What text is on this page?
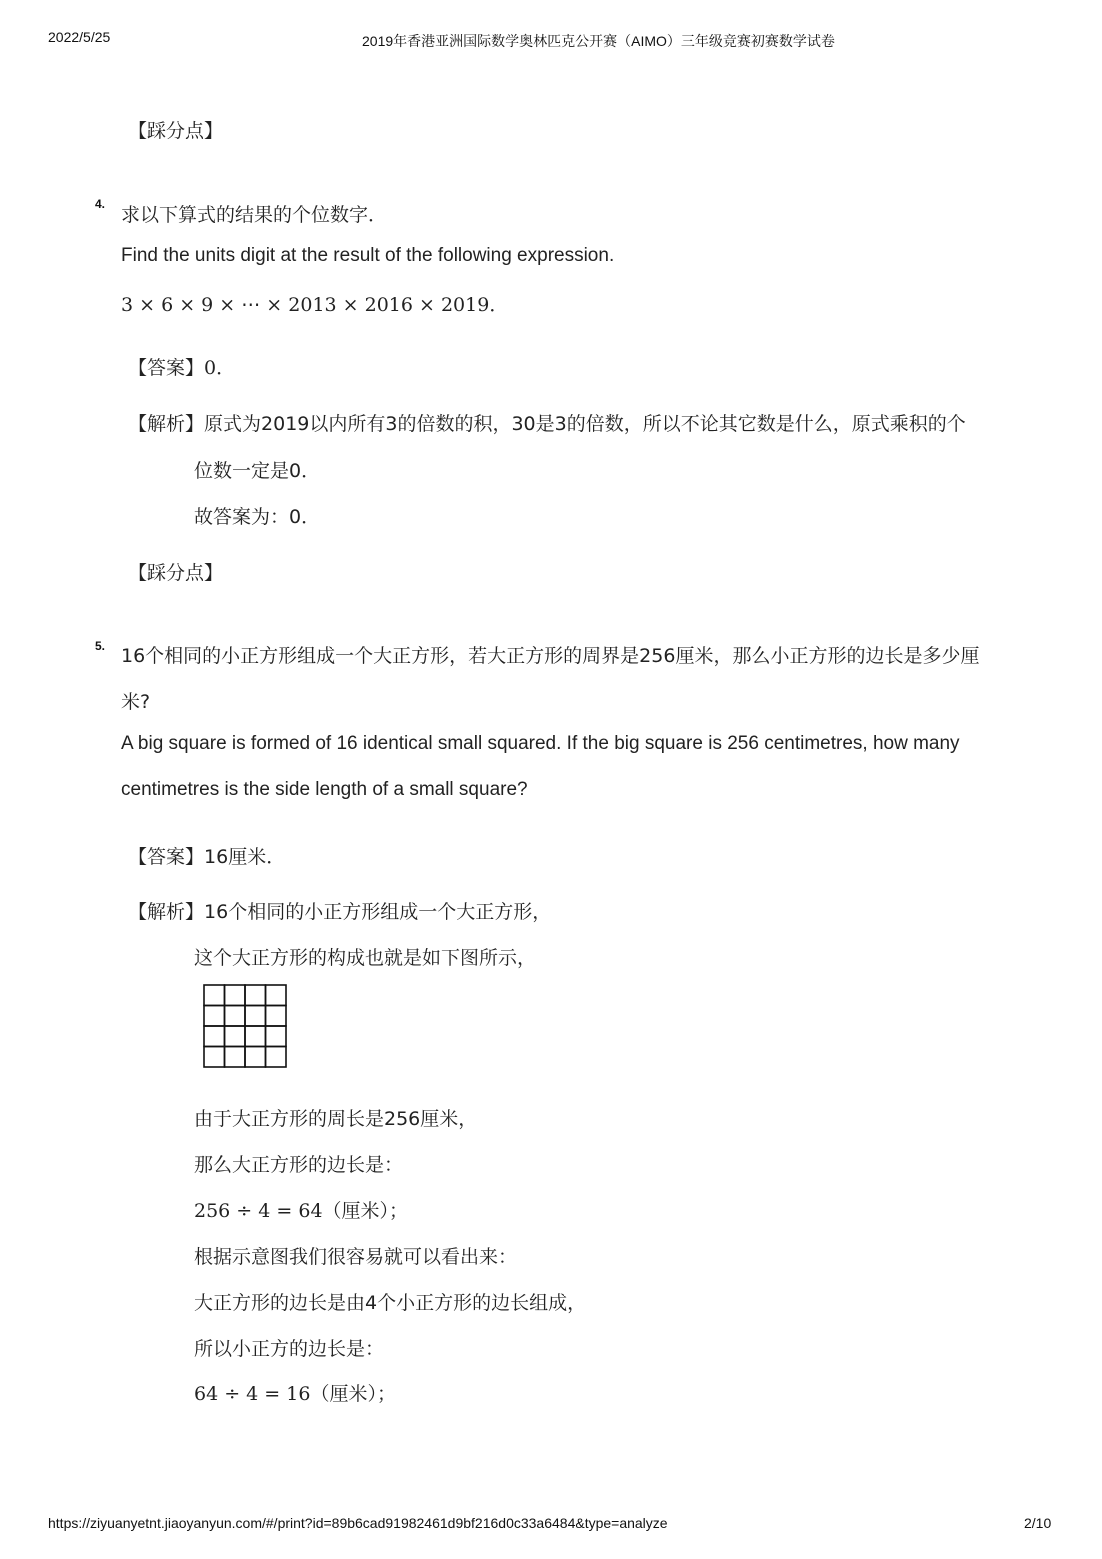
2022/5/25	2019年香港亚洲国际数学奥林匹克公开赛（AIMO）三年级竞赛初赛数学试卷
【踩分点】
4. 求以下算式的结果的个位数字．
Find the units digit at the result of the following expression.
3 × 6 × 9 × ⋯ × 2013 × 2016 × 2019．
【答案】0．
【解析】原式为2019以内所有3的倍数的积，30是3的倍数，所以不论其它数是什么，原式乘积的个
位数一定是0．
故答案为：0．
【踩分点】
5. 16个相同的小正方形组成一个大正方形，若大正方形的周界是256厘米，那么小正方形的边长是多少厘
米?
A big square is formed of 16 identical small squared. If the big square is 256 centimetres, how many
centimetres is the side length of a small square?
【答案】16厘米．
【解析】16个相同的小正方形组成一个大正方形，
这个大正方形的构成也就是如下图所示，
由于大正方形的周长是256厘米，
那么大正方形的边长是：
256 ÷ 4 = 64（厘米）；
根据示意图我们很容易就可以看出来：
大正方形的边长是由4个小正方形的边长组成，
所以小正方的边长是：
64 ÷ 4 = 16（厘米）；
https://ziyuanyetnt.jiaoyanyun.com/#/print?id=89b6cad91982461d9bf216d0c33a6484&type=analyze	2/10
